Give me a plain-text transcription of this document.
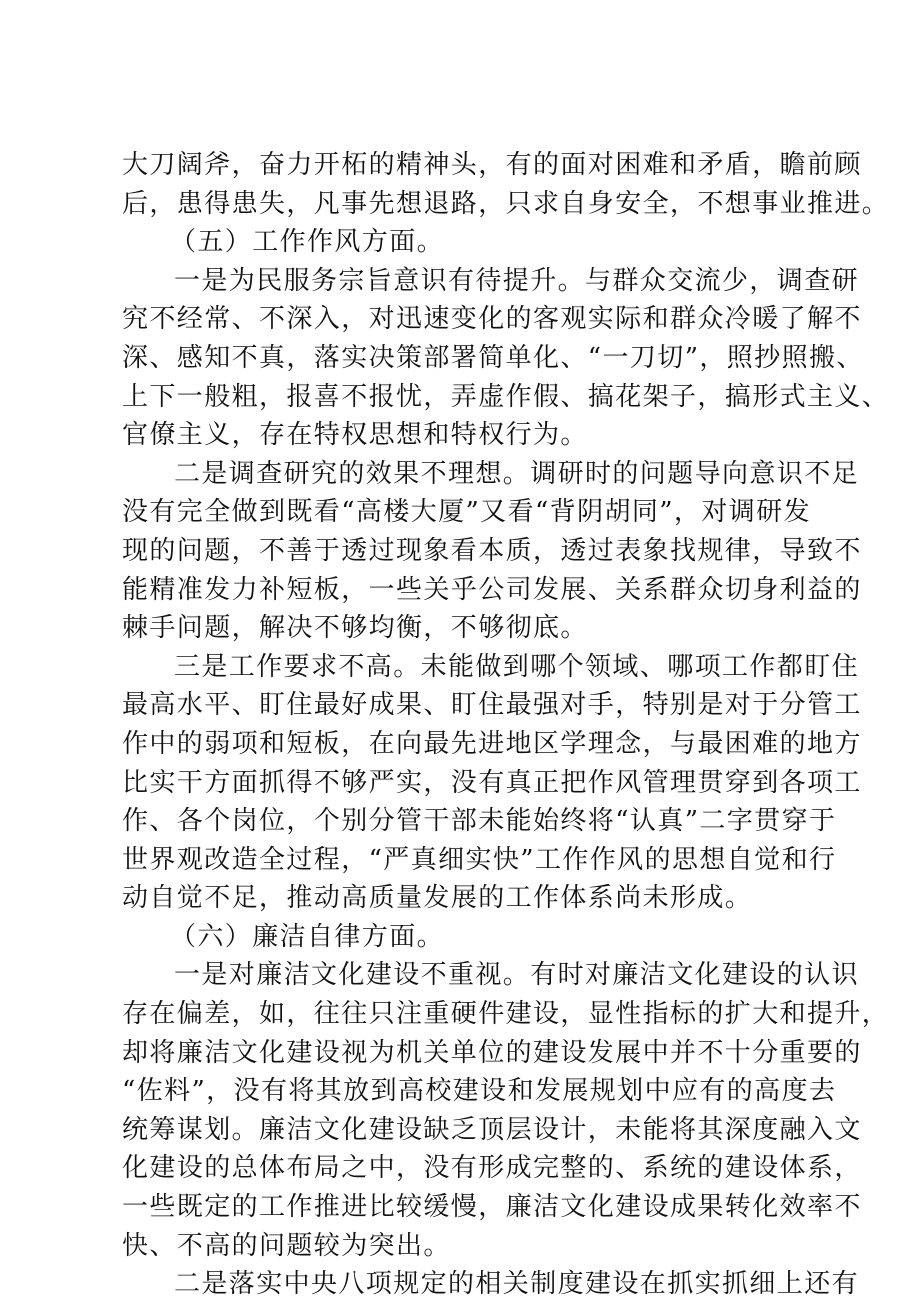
大刀阔斧，奋力开柘的精神头，有的面对困难和矛盾，瞻前顾
后，患得患失，凡事先想退路，只求自身安全，不想事业推进。
（五）工作作风方面。
一是为民服务宗旨意识有待提升。与群众交流少，调查研
究不经常、不深入，对迅速变化的客观实际和群众冷暖了解不
深、感知不真，落实决策部署简单化、“一刀切”，照抄照搬、
上下一般粗，报喜不报忧，弄虚作假、搞花架子，搞形式主义、
官僚主义，存在特权思想和特权行为。
二是调查研究的效果不理想。调研时的问题导向意识不足
没有完全做到既看“高楼大厦”又看“背阴胡同”，对调研发
现的问题，不善于透过现象看本质，透过表象找规律，导致不
能精准发力补短板，一些关乎公司发展、关系群众切身利益的
棘手问题，解决不够均衡，不够彻底。
三是工作要求不高。未能做到哪个领域、哪项工作都盯住
最高水平、盯住最好成果、盯住最强对手，特别是对于分管工
作中的弱项和短板，在向最先进地区学理念，与最困难的地方
比实干方面抓得不够严实，没有真正把作风管理贯穿到各项工
作、各个岗位，个别分管干部未能始终将“认真”二字贯穿于
世界观改造全过程，“严真细实快”工作作风的思想自觉和行
动自觉不足，推动高质量发展的工作体系尚未形成。
（六）廉洁自律方面。
一是对廉洁文化建设不重视。有时对廉洁文化建设的认识
存在偏差，如，往往只注重硬件建设，显性指标的扩大和提升，
却将廉洁文化建设视为机关单位的建设发展中并不十分重要的
“佐料”，没有将其放到高校建设和发展规划中应有的高度去
统筹谋划。廉洁文化建设缺乏顶层设计，未能将其深度融入文
化建设的总体布局之中，没有形成完整的、系统的建设体系，
一些既定的工作推进比较缓慢，廉洁文化建设成果转化效率不
快、不高的问题较为突出。
二是落实中央八项规定的相关制度建设在抓实抓细上还有
